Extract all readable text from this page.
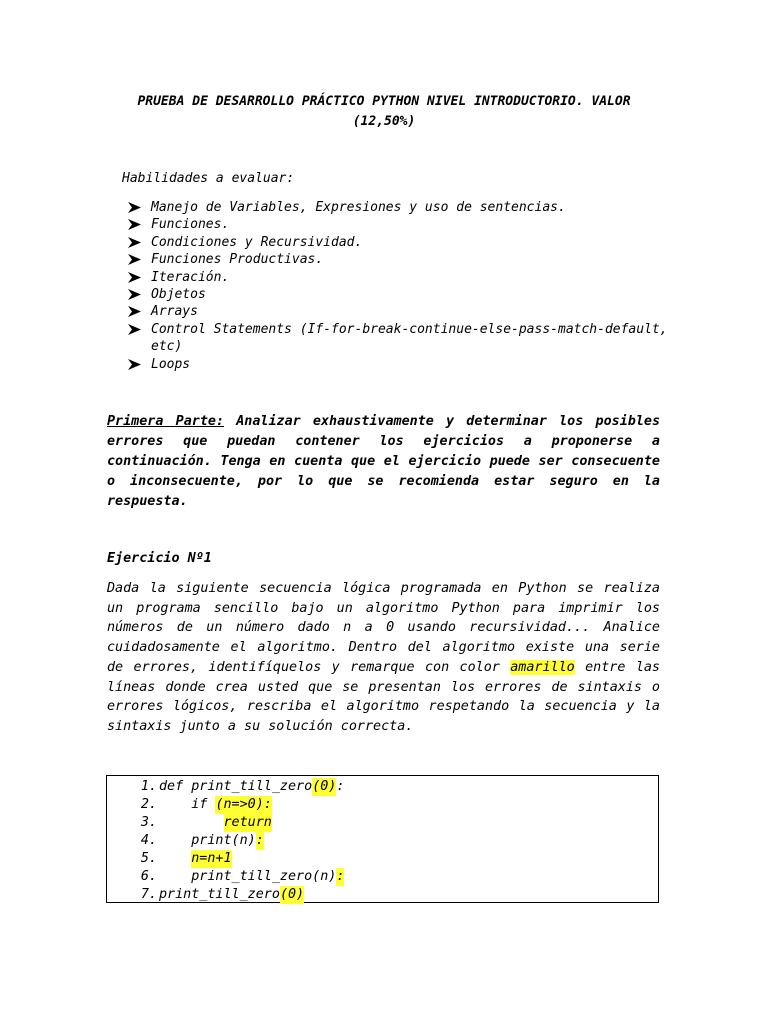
PRUEBA DE DESARROLLO PRÁCTICO PYTHON NIVEL INTRODUCTORIO. VALOR (12,50%)
Habilidades a evaluar:
Manejo de Variables, Expresiones y uso de sentencias.
Funciones.
Condiciones y Recursividad.
Funciones Productivas.
Iteración.
Objetos
Arrays
Control Statements (If-for-break-continue-else-pass-match-default, etc)
Loops
Primera Parte: Analizar exhaustivamente y determinar los posibles errores que puedan contener los ejercicios a proponerse a continuación. Tenga en cuenta que el ejercicio puede ser consecuente o inconsecuente, por lo que se recomienda estar seguro en la respuesta.
Ejercicio Nº1
Dada la siguiente secuencia lógica programada en Python se realiza un programa sencillo bajo un algoritmo Python para imprimir los números de un número dado n a 0 usando recursividad... Analice cuidadosamente el algoritmo. Dentro del algoritmo existe una serie de errores, identifíquelos y remarque con color amarillo entre las líneas donde crea usted que se presentan los errores de sintaxis o errores lógicos, rescriba el algoritmo respetando la secuencia y la sintaxis junto a su solución correcta.
1.
def print_till_zero (0) :
2.
if (n=>0):
3.

	return
4.
print(n) :
5.

	n=n+1
6.
print_till_zero(n) :
7.
print_till_zero (0)
